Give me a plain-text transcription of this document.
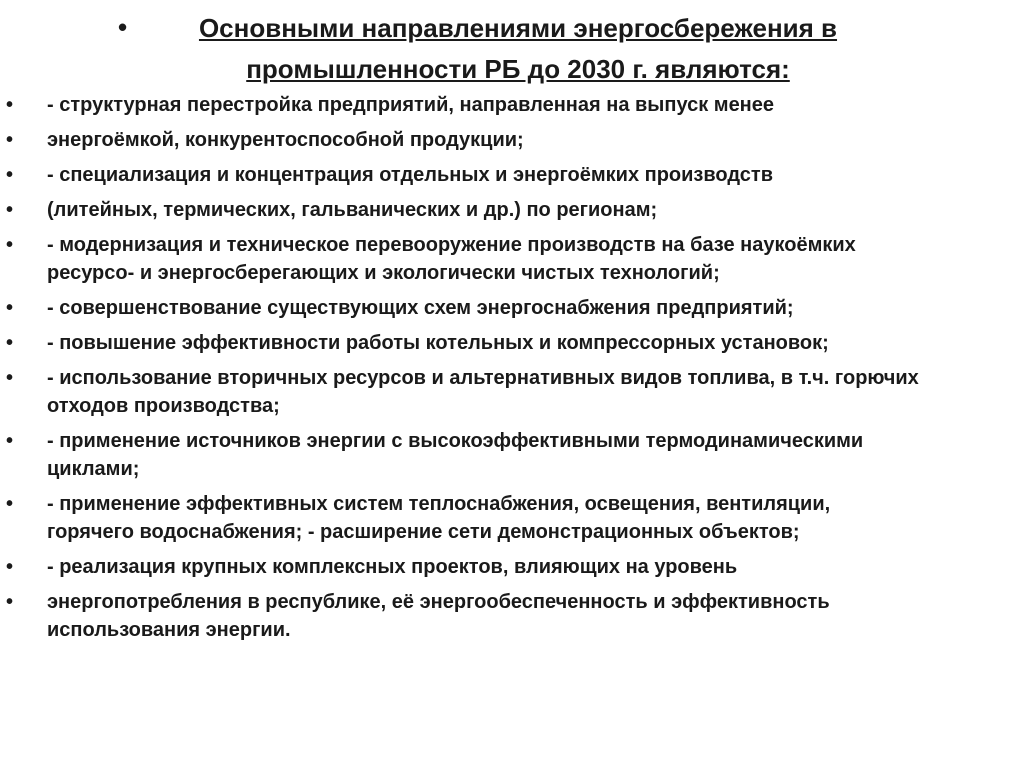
•	Основными направлениями энергосбережения в
промышленности РБ до 2030 г. являются:
• - структурная перестройка предприятий, направленная на выпуск менее
• энергоёмкой, конкурентоспособной продукции;
• - специализация и концентрация отдельных и энергоёмких производств
• (литейных, термических, гальванических и др.) по регионам;
• - модернизация и техническое перевооружение производств на базе наукоёмких
ресурсо- и энергосберегающих и экологически чистых технологий;
• - совершенствование существующих схем энергоснабжения предприятий;
• - повышение эффективности работы котельных и компрессорных установок;
• - использование вторичных ресурсов и альтернативных видов топлива, в т.ч. горючих
отходов производства;
• - применение источников энергии с высокоэффективными термодинамическими
циклами;
• - применение эффективных систем теплоснабжения, освещения, вентиляции,
горячего водоснабжения; - расширение сети демонстрационных объектов;
• - реализация крупных комплексных проектов, влияющих на уровень
• энергопотребления в республике, её энергообеспеченность и эффективность
использования энергии.
